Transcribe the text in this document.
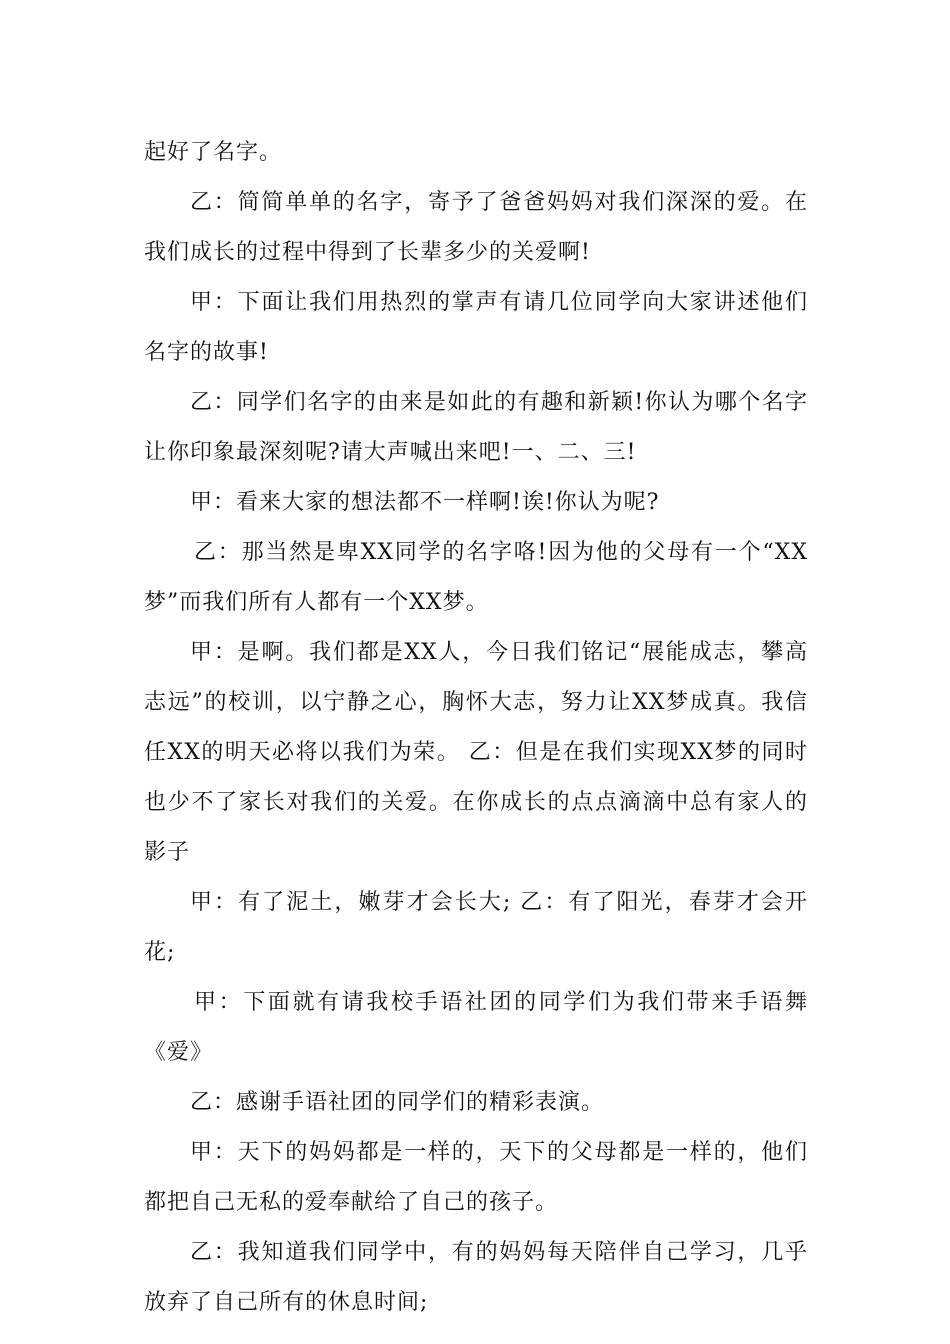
起好了名字。

乙：简简单单的名字，寄予了爸爸妈妈对我们深深的爱。在我们成长的过程中得到了长辈多少的关爱啊!

甲：下面让我们用热烈的掌声有请几位同学向大家讲述他们名字的故事!

乙：同学们名字的由来是如此的有趣和新颖!你认为哪个名字让你印象最深刻呢?请大声喊出来吧!一、二、三!

甲：看来大家的想法都不一样啊!诶!你认为呢?

乙：那当然是卑XX同学的名字咯!因为他的父母有一个“XX梦”而我们所有人都有一个XX梦。

甲：是啊。我们都是XX人，今日我们铭记“展能成志，攀高志远”的校训，以宁静之心，胸怀大志，努力让XX梦成真。我信任XX的明天必将以我们为荣。 乙：但是在我们实现XX梦的同时也少不了家长对我们的关爱。在你成长的点点滴滴中总有家人的影子

甲：有了泥土，嫩芽才会长大; 乙：有了阳光，春芽才会开花;

甲：下面就有请我校手语社团的同学们为我们带来手语舞《爱》

乙：感谢手语社团的同学们的精彩表演。

甲：天下的妈妈都是一样的，天下的父母都是一样的，他们都把自己无私的爱奉献给了自己的孩子。

乙：我知道我们同学中，有的妈妈每天陪伴自己学习，几乎放弃了自己所有的休息时间;
